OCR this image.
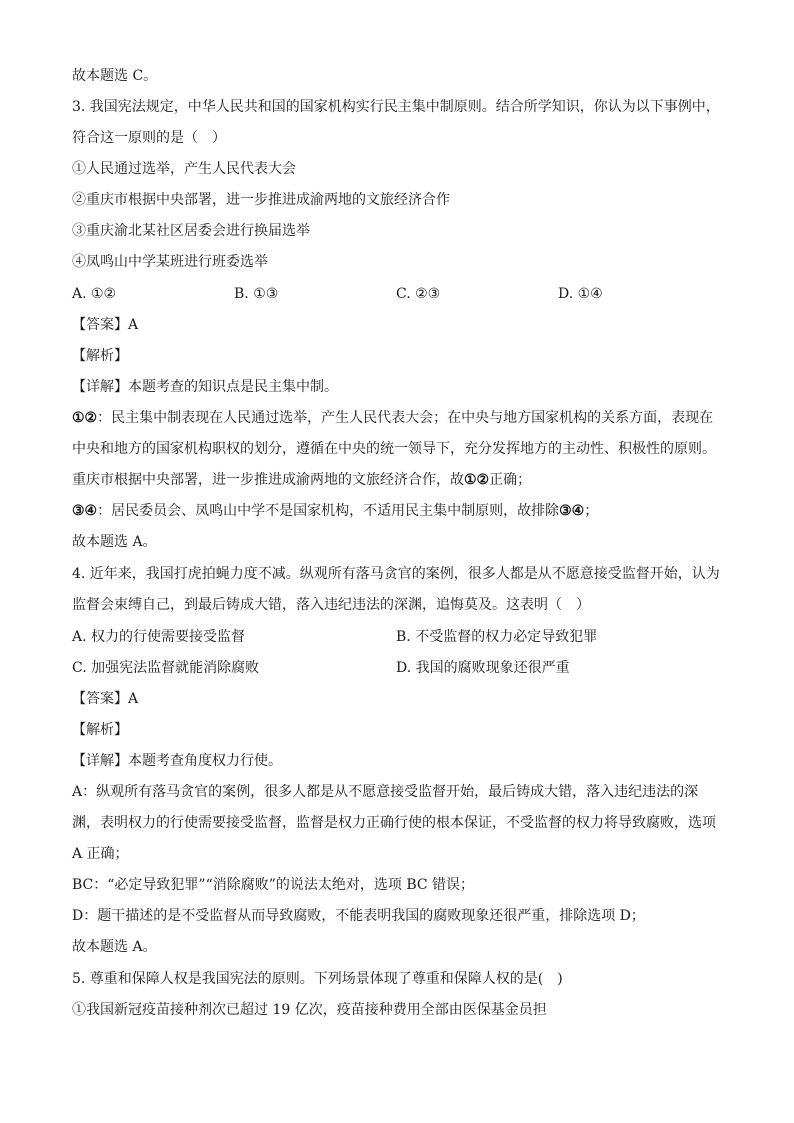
故本题选 C。
3. 我国宪法规定，中华人民共和国的国家机构实行民主集中制原则。结合所学知识，你认为以下事例中，
符合这一原则的是（　）
①人民通过选举，产生人民代表大会
②重庆市根据中央部署，进一步推进成渝两地的文旅经济合作
③重庆渝北某社区居委会进行换届选举
④凤鸣山中学某班进行班委选举
A. ①②	B. ①③	C. ②③	D. ①④
【答案】A
【解析】
【详解】本题考查的知识点是民主集中制。
①②：民主集中制表现在人民通过选举，产生人民代表大会；在中央与地方国家机构的关系方面，表现在
中央和地方的国家机构职权的划分，遵循在中央的统一领导下，充分发挥地方的主动性、积极性的原则。
重庆市根据中央部署，进一步推进成渝两地的文旅经济合作，故①②正确；
③④：居民委员会、凤鸣山中学不是国家机构，不适用民主集中制原则，故排除③④；
故本题选 A。
4. 近年来，我国打虎拍蝇力度不减。纵观所有落马贪官的案例，很多人都是从不愿意接受监督开始，认为
监督会束缚自己，到最后铸成大错，落入违纪违法的深渊，追悔莫及。这表明（　）
A. 权力的行使需要接受监督	B. 不受监督的权力必定导致犯罪
C. 加强宪法监督就能消除腐败	D. 我国的腐败现象还很严重
【答案】A
【解析】
【详解】本题考查角度权力行使。
A：纵观所有落马贪官的案例，很多人都是从不愿意接受监督开始，最后铸成大错，落入违纪违法的深
渊，表明权力的行使需要接受监督，监督是权力正确行使的根本保证，不受监督的权力将导致腐败，选项
A 正确；
BC：“必定导致犯罪”“消除腐败”的说法太绝对，选项 BC 错误；
D：题干描述的是不受监督从而导致腐败，不能表明我国的腐败现象还很严重，排除选项 D；
故本题选 A。
5. 尊重和保障人权是我国宪法的原则。下列场景体现了尊重和保障人权的是(　)
①我国新冠疫苗接种剂次已超过 19 亿次，疫苗接种费用全部由医保基金员担
